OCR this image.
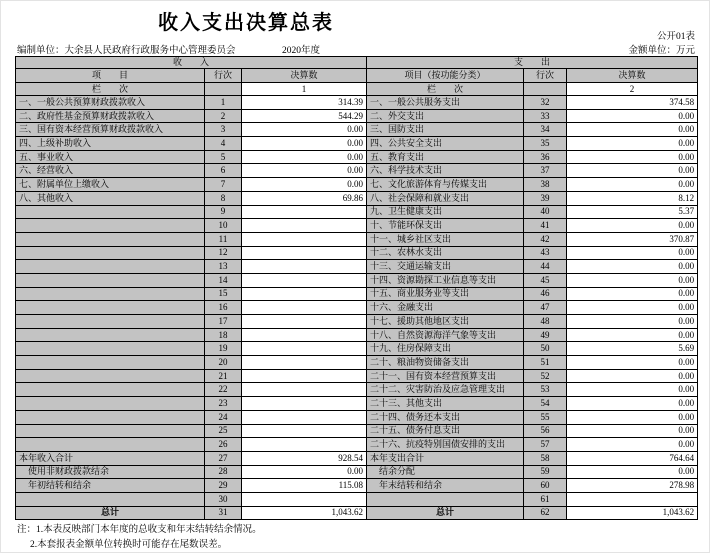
收入支出决算总表
公开01表
编制单位：大余县人民政府行政服务中心管理委员会	2020年度	金额单位：万元
收　　入			支　　出		
项　　目	行次	决算数	项目（按功能分类）	行次	决算数
栏　　次		1	栏　　次		2
一、一般公共预算财政拨款收入	1	314.39	一、一般公共服务支出	32	374.58
二、政府性基金预算财政拨款收入	2	544.29	二、外交支出	33	0.00
三、国有资本经营预算财政拨款收入	3	0.00	三、国防支出	34	0.00
四、上级补助收入	4	0.00	四、公共安全支出	35	0.00
五、事业收入	5	0.00	五、教育支出	36	0.00
六、经营收入	6	0.00	六、科学技术支出	37	0.00
七、附属单位上缴收入	7	0.00	七、文化旅游体育与传媒支出	38	0.00
八、其他收入	8	69.86	八、社会保障和就业支出	39	8.12
	9		九、卫生健康支出	40	5.37
	10		十、节能环保支出	41	0.00
	11		十一、城乡社区支出	42	370.87
	12		十二、农林水支出	43	0.00
	13		十三、交通运输支出	44	0.00
	14		十四、资源勘探工业信息等支出	45	0.00
	15		十五、商业服务业等支出	46	0.00
	16		十六、金融支出	47	0.00
	17		十七、援助其他地区支出	48	0.00
	18		十八、自然资源海洋气象等支出	49	0.00
	19		十九、住房保障支出	50	5.69
	20		二十、粮油物资储备支出	51	0.00
	21		二十一、国有资本经营预算支出	52	0.00
	22		二十二、灾害防治及应急管理支出	53	0.00
	23		二十三、其他支出	54	0.00
	24		二十四、债务还本支出	55	0.00
	25		二十五、债务付息支出	56	0.00
	26		二十六、抗疫特别国债安排的支出	57	0.00
本年收入合计	27	928.54	本年支出合计	58	764.64
　使用非财政拨款结余	28	0.00	　结余分配	59	0.00
　年初结转和结余	29	115.08	　年末结转和结余	60	278.98
	30			61	
总计	31	1,043.62	总计	62	1,043.62
注：1.本表反映部门本年度的总收支和年末结转结余情况。
2.本套报表金额单位转换时可能存在尾数误差。
